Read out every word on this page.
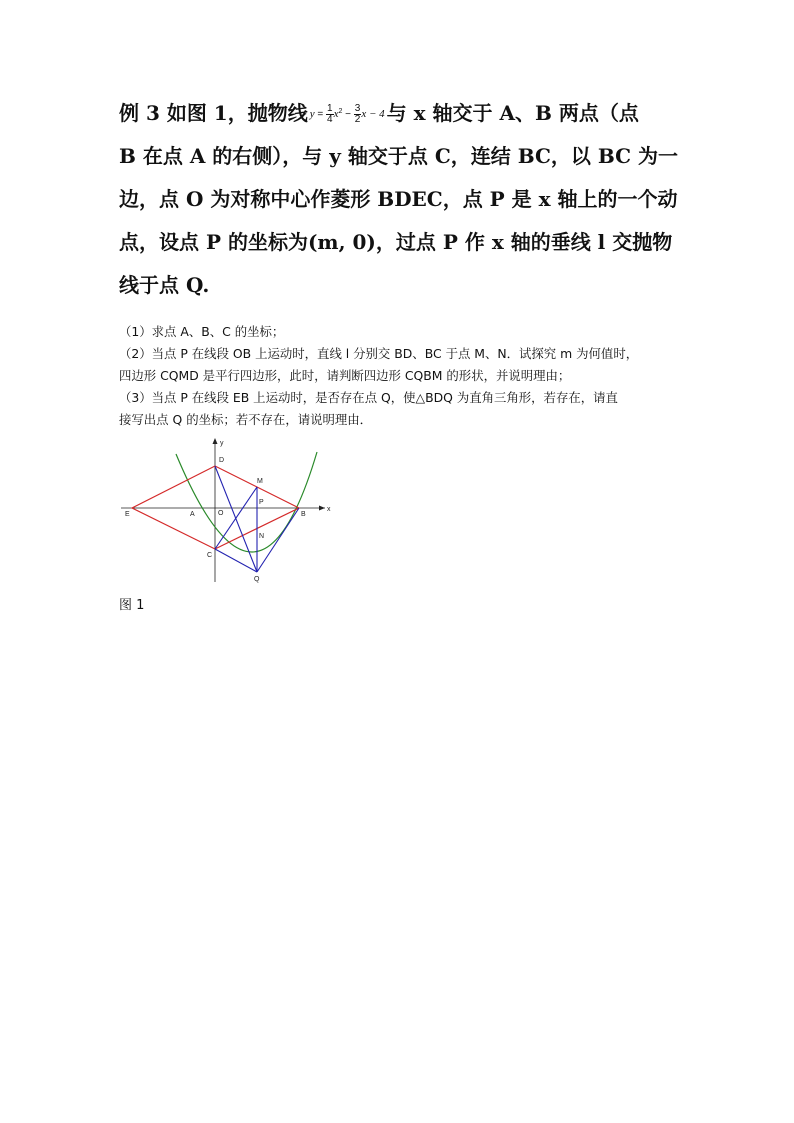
例 3 如图 1，抛物线 $y = \frac{1}{4} x^2 - \frac{3}{2}$ x − 4 与 x 轴交于 A、B 两点（点
B 在点 A 的右侧），与 y 轴交于点 C，连结 BC，以 BC 为一
边，点 O 为对称中心作菱形 BDEC，点 P 是 x 轴上的一个动
点，设点 P 的坐标为(m, 0)，过点 P 作 x 轴的垂线 l 交抛物
线于点 Q.

（1）求点 A、B、C 的坐标；

（2）当点 P 在线段 OB 上运动时，直线 l 分别交 BD、BC 于点 M、N．试探究 m 为何值时，

四边形 CQMD 是平行四边形，此时，请判断四边形 CQBM 的形状，并说明理由；

（3）当点 P 在线段 EB 上运动时，是否存在点 Q，使△BDQ 为直角三角形，若存在，请直

接写出点 Q 的坐标；若不存在，请说明理由．

y
x
D
M
P
E	A	O	B
N
C
Q
图 1
